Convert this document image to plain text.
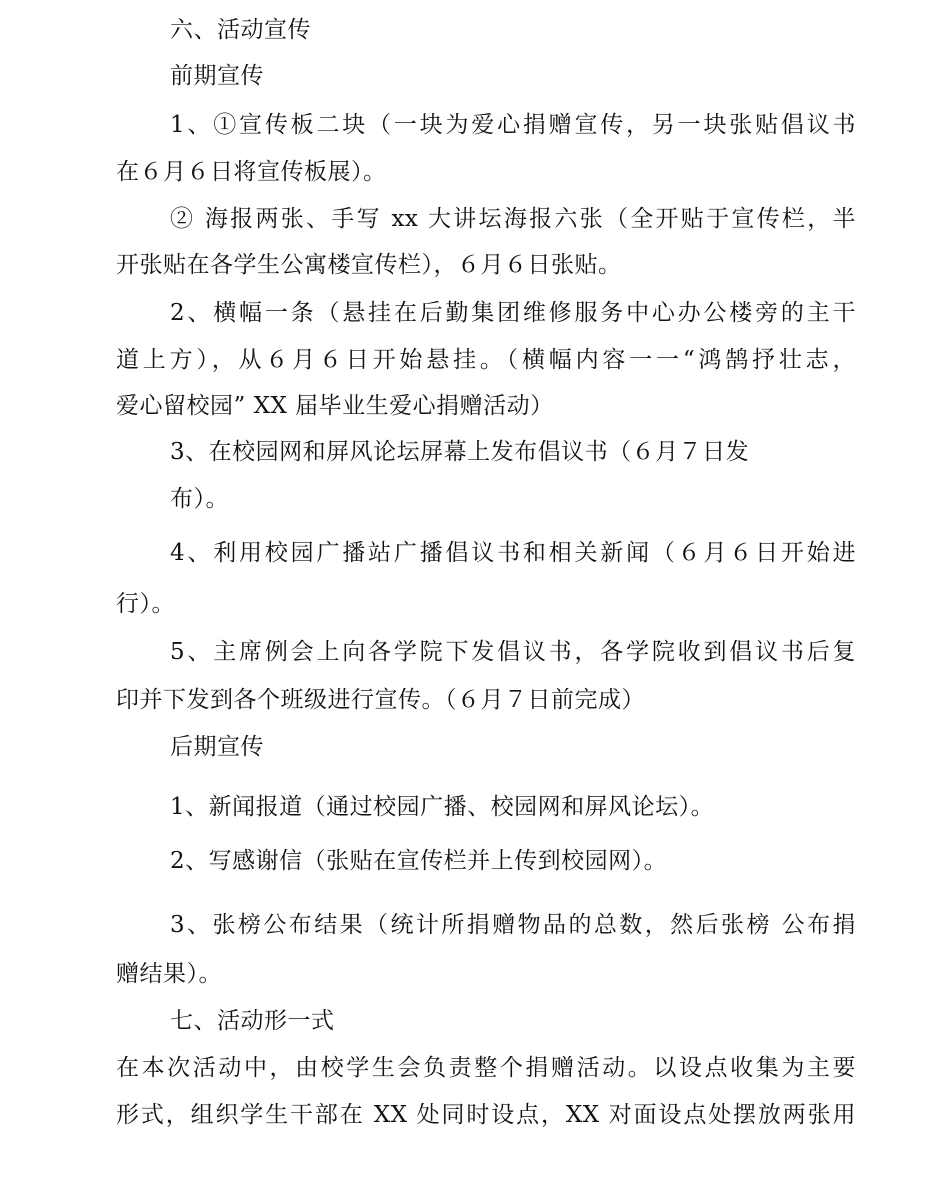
六、活动宣传
前期宣传
1、①宣传板二块（一块为爱心捐赠宣传，另一块张贴倡议书
在６月６日将宣传板展）。
② 海报两张、手写 xx 大讲坛海报六张（全开贴于宣传栏，半
开张贴在各学生公寓楼宣传栏），６月６日张贴。
2、横幅一条（悬挂在后勤集团维修服务中心办公楼旁的主干
道上方），从６月６日开始悬挂。（横幅内容一一“鸿鹄抒壮志，
爱心留校园” XX 届毕业生爱心捐赠活动）
3、在校园网和屏风论坛屏幕上发布倡议书（６月７日发
布）。
4、利用校园广播站广播倡议书和相关新闻（６月６日开始进
行）。
5、主席例会上向各学院下发倡议书，各学院收到倡议书后复
印并下发到各个班级进行宣传。（６月７日前完成）
后期宣传
1、新闻报道（通过校园广播、校园网和屏风论坛）。
2、写感谢信（张贴在宣传栏并上传到校园网）。
3、张榜公布结果（统计所捐赠物品的总数，然后张榜 公布捐
赠结果）。
七、活动形一式
在本次活动中，由校学生会负责整个捐赠活动。以设点收集为主要
形式，组织学生干部在 XX 处同时设点，XX 对面设点处摆放两张用
